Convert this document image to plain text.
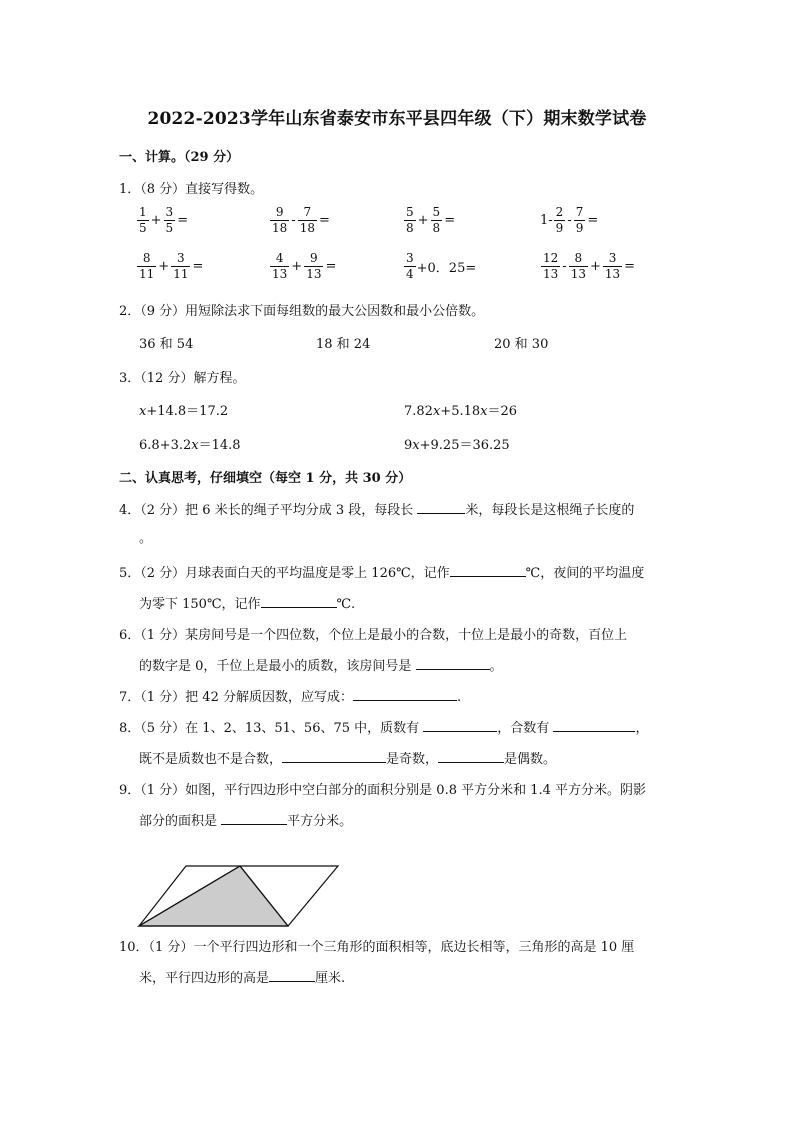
2022-2023学年山东省泰安市东平县四年级（下）期末数学试卷
一、计算。（29 分）
1．（8 分）直接写得数。
$\frac{1}{5} + \frac{3}{5}$ =	$\frac{9}{18} - \frac{7}{18}$ =	$\frac{5}{8} + \frac{5}{8}$ =	$1- \frac{2}{9} - \frac{7}{9}$ =
$\frac{8}{11} + \frac{3}{11}$ =	$\frac{4}{13} + \frac{9}{13}$ =	$\frac{3}{4} +0$．25=	$\frac{12}{13} - \frac{8}{13} + \frac{3}{13}$ =
2．（9 分）用短除法求下面每组数的最大公因数和最小公倍数。
36 和 54	18 和 24	20 和 30
3．（12 分）解方程。
x+14.8＝17.2	7.82x+5.18x＝26
6.8+3.2x＝14.8	9x+9.25＝36.25
二、认真思考，仔细填空（每空 1 分，共 30 分）
4．（2 分）把 6 米长的绳子平均分成 3 段，每段长	米，每段长是这根绳子长度的
。
5．（2 分）月球表面白天的平均温度是零上 126℃，记作	℃，夜间的平均温度
为零下 150℃，记作	℃.
6．（1 分）某房间号是一个四位数，个位上是最小的合数，十位上是最小的奇数，百位上
的数字是 0，千位上是最小的质数，该房间号是	。
7．（1 分）把 42 分解质因数，应写成：	.
8．（5 分）在 1、2、13、51、56、75 中，质数有	，合数有	，
既不是质数也不是合数，	是奇数，	是偶数。
9．（1 分）如图，平行四边形中空白部分的面积分别是 0.8 平方分米和 1.4 平方分米。阴影
部分的面积是	平方分米。
10．（1 分）一个平行四边形和一个三角形的面积相等，底边长相等，三角形的高是 10 厘
米，平行四边形的高是	厘米.
